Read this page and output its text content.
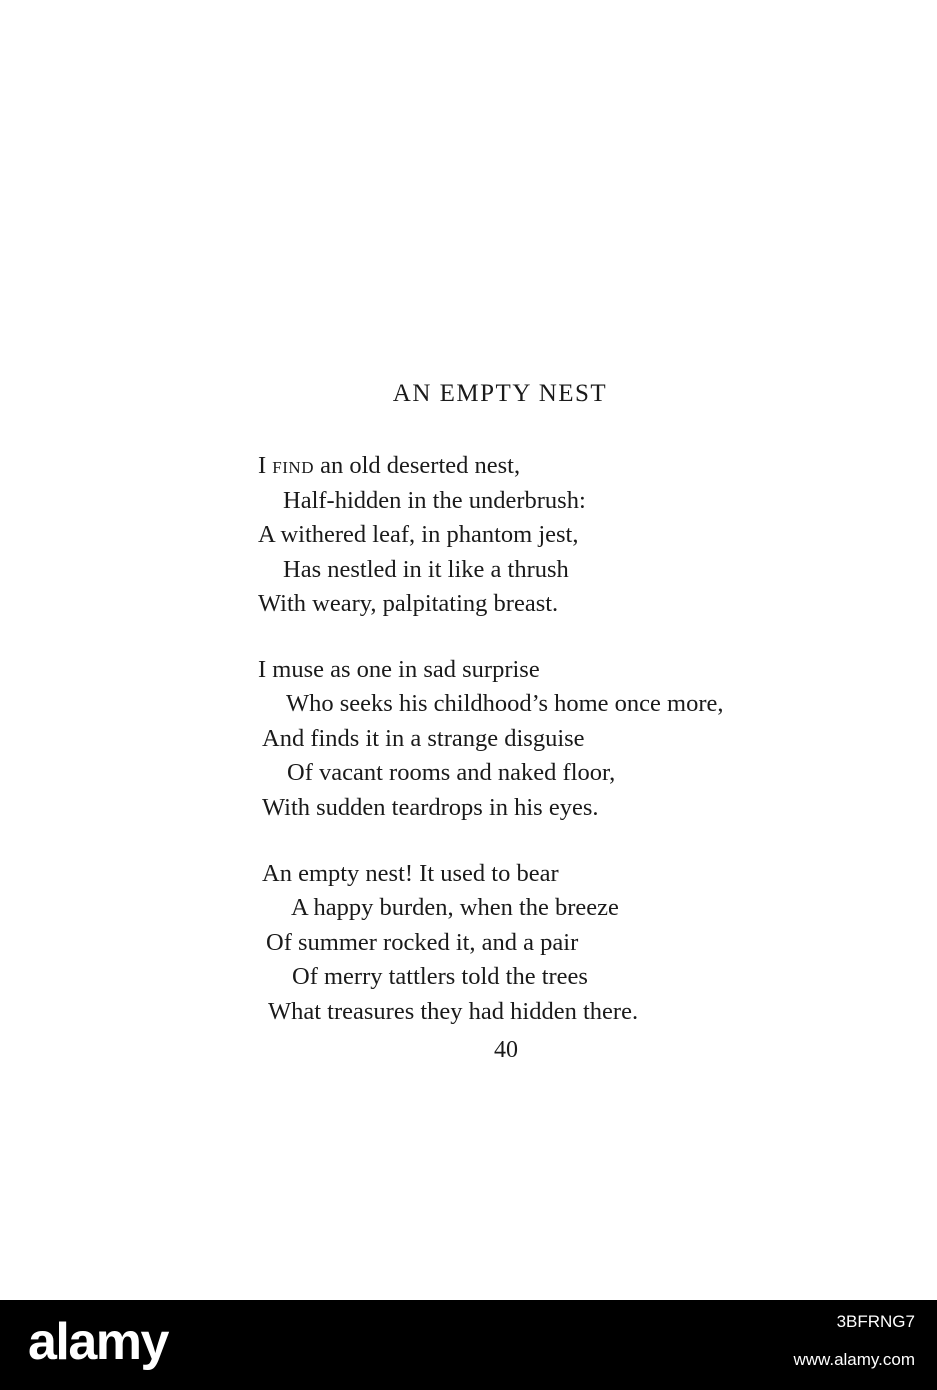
AN EMPTY NEST
I find an old deserted nest,
Half-hidden in the underbrush:
A withered leaf, in phantom jest,
Has nestled in it like a thrush
With weary, palpitating breast.
I muse as one in sad surprise
Who seeks his childhood’s home once more,
And finds it in a strange disguise
Of vacant rooms and naked floor,
With sudden teardrops in his eyes.
An empty nest! It used to bear
A happy burden, when the breeze
Of summer rocked it, and a pair
Of merry tattlers told the trees
What treasures they had hidden there.
40
alamy	3BFRNG7
www.alamy.com
